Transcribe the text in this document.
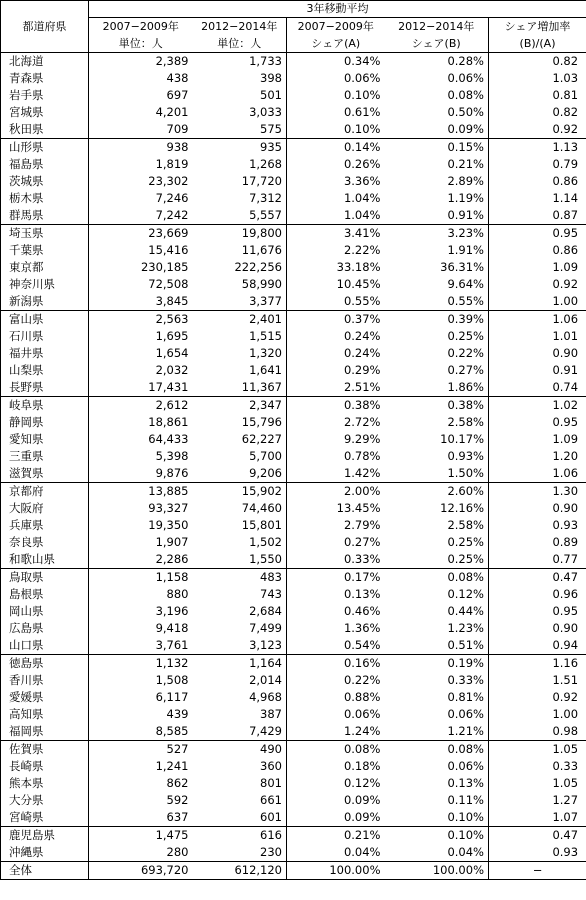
	3年移動平均				
都道府県	2007−2009年	2012−2014年	2007−2009年	2012−2014年	シェア増加率
	単位：人	単位：人	シェア(A)	シェア(B)	(B)/(A)
北海道	2,389	1,733	0.34%	0.28%	0.82
青森県	438	398	0.06%	0.06%	1.03
岩手県	697	501	0.10%	0.08%	0.81
宮城県	4,201	3,033	0.61%	0.50%	0.82
秋田県	709	575	0.10%	0.09%	0.92
山形県	938	935	0.14%	0.15%	1.13
福島県	1,819	1,268	0.26%	0.21%	0.79
茨城県	23,302	17,720	3.36%	2.89%	0.86
栃木県	7,246	7,312	1.04%	1.19%	1.14
群馬県	7,242	5,557	1.04%	0.91%	0.87
埼玉県	23,669	19,800	3.41%	3.23%	0.95
千葉県	15,416	11,676	2.22%	1.91%	0.86
東京都	230,185	222,256	33.18%	36.31%	1.09
神奈川県	72,508	58,990	10.45%	9.64%	0.92
新潟県	3,845	3,377	0.55%	0.55%	1.00
富山県	2,563	2,401	0.37%	0.39%	1.06
石川県	1,695	1,515	0.24%	0.25%	1.01
福井県	1,654	1,320	0.24%	0.22%	0.90
山梨県	2,032	1,641	0.29%	0.27%	0.91
長野県	17,431	11,367	2.51%	1.86%	0.74
岐阜県	2,612	2,347	0.38%	0.38%	1.02
静岡県	18,861	15,796	2.72%	2.58%	0.95
愛知県	64,433	62,227	9.29%	10.17%	1.09
三重県	5,398	5,700	0.78%	0.93%	1.20
滋賀県	9,876	9,206	1.42%	1.50%	1.06
京都府	13,885	15,902	2.00%	2.60%	1.30
大阪府	93,327	74,460	13.45%	12.16%	0.90
兵庫県	19,350	15,801	2.79%	2.58%	0.93
奈良県	1,907	1,502	0.27%	0.25%	0.89
和歌山県	2,286	1,550	0.33%	0.25%	0.77
鳥取県	1,158	483	0.17%	0.08%	0.47
島根県	880	743	0.13%	0.12%	0.96
岡山県	3,196	2,684	0.46%	0.44%	0.95
広島県	9,418	7,499	1.36%	1.23%	0.90
山口県	3,761	3,123	0.54%	0.51%	0.94
徳島県	1,132	1,164	0.16%	0.19%	1.16
香川県	1,508	2,014	0.22%	0.33%	1.51
愛媛県	6,117	4,968	0.88%	0.81%	0.92
高知県	439	387	0.06%	0.06%	1.00
福岡県	8,585	7,429	1.24%	1.21%	0.98
佐賀県	527	490	0.08%	0.08%	1.05
長崎県	1,241	360	0.18%	0.06%	0.33
熊本県	862	801	0.12%	0.13%	1.05
大分県	592	661	0.09%	0.11%	1.27
宮崎県	637	601	0.09%	0.10%	1.07
鹿児島県	1,475	616	0.21%	0.10%	0.47
沖縄県	280	230	0.04%	0.04%	0.93
全体	693,720	612,120	100.00%	100.00%	−
